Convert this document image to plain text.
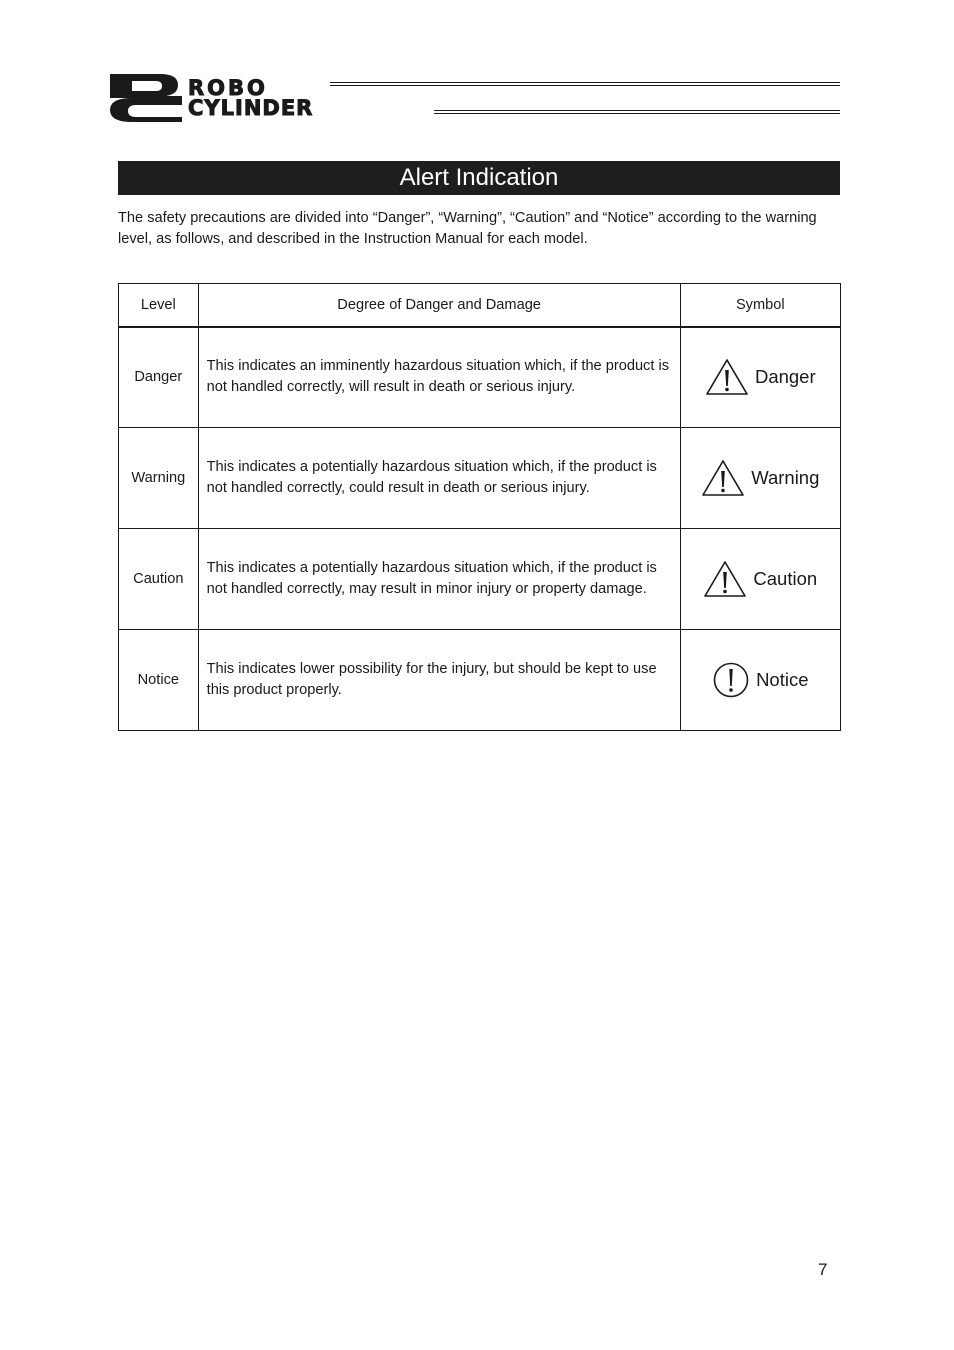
ROBO
CYLINDER
Alert Indication

The safety precautions are divided into “Danger”, “Warning”, “Caution” and “Notice” according to the warning level, as follows, and described in the Instruction Manual for each model.

Level	Degree of Danger and Damage	Symbol
Danger	This indicates an imminently hazardous situation which, if the product is not handled correctly, will result in death or serious injury.	Danger

Warning	This indicates a potentially hazardous situation which, if the product is not handled correctly, could result in death or serious injury.	Warning

Caution	This indicates a potentially hazardous situation which, if the product is not handled correctly, may result in minor injury or property damage.	Caution

Notice	This indicates lower possibility for the injury, but should be kept to use this product properly.	Notice
7
